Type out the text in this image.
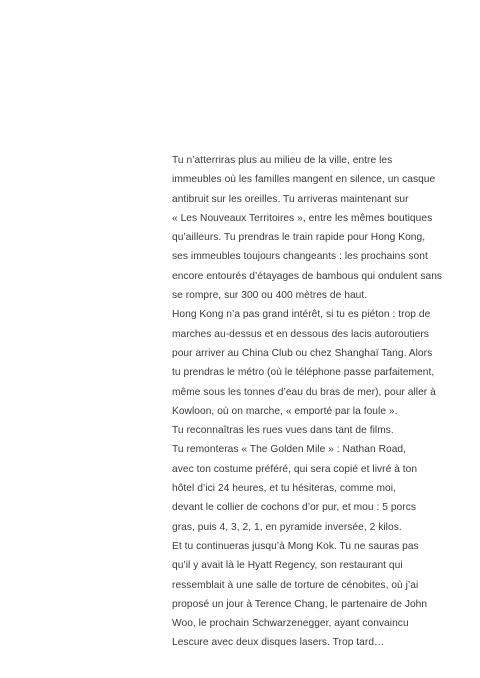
Tu n’atterriras plus au milieu de la ville, entre les
immeubles où les familles mangent en silence, un casque
antibruit sur les oreilles. Tu arriveras maintenant sur
« Les Nouveaux Territoires », entre les mêmes boutiques
qu’ailleurs. Tu prendras le train rapide pour Hong Kong,
ses immeubles toujours changeants : les prochains sont
encore entourés d’étayages de bambous qui ondulent sans
se rompre, sur 300 ou 400 mètres de haut.
Hong Kong n’a pas grand intérêt, si tu es piéton : trop de
marches au-dessus et en dessous des lacis autoroutiers
pour arriver au China Club ou chez Shanghaï Tang. Alors
tu prendras le métro (où le téléphone passe parfaitement,
même sous les tonnes d’eau du bras de mer), pour aller à
Kowloon, où on marche, « emporté par la foule ».
Tu reconnaîtras les rues vues dans tant de films.
Tu remonteras « The Golden Mile » : Nathan Road,
avec ton costume préféré, qui sera copié et livré à ton
hôtel d’ici 24 heures, et tu hésiteras, comme moi,
devant le collier de cochons d’or pur, et mou : 5 porcs
gras, puis 4, 3, 2, 1, en pyramide inversée, 2 kilos.
Et tu continueras jusqu’à Mong Kok. Tu ne sauras pas
qu’il y avait là le Hyatt Regency, son restaurant qui
ressemblait à une salle de torture de cénobites, où j’ai
proposé un jour à Terence Chang, le partenaire de John
Woo, le prochain Schwarzenegger, ayant convaincu
Lescure avec deux disques lasers. Trop tard…
